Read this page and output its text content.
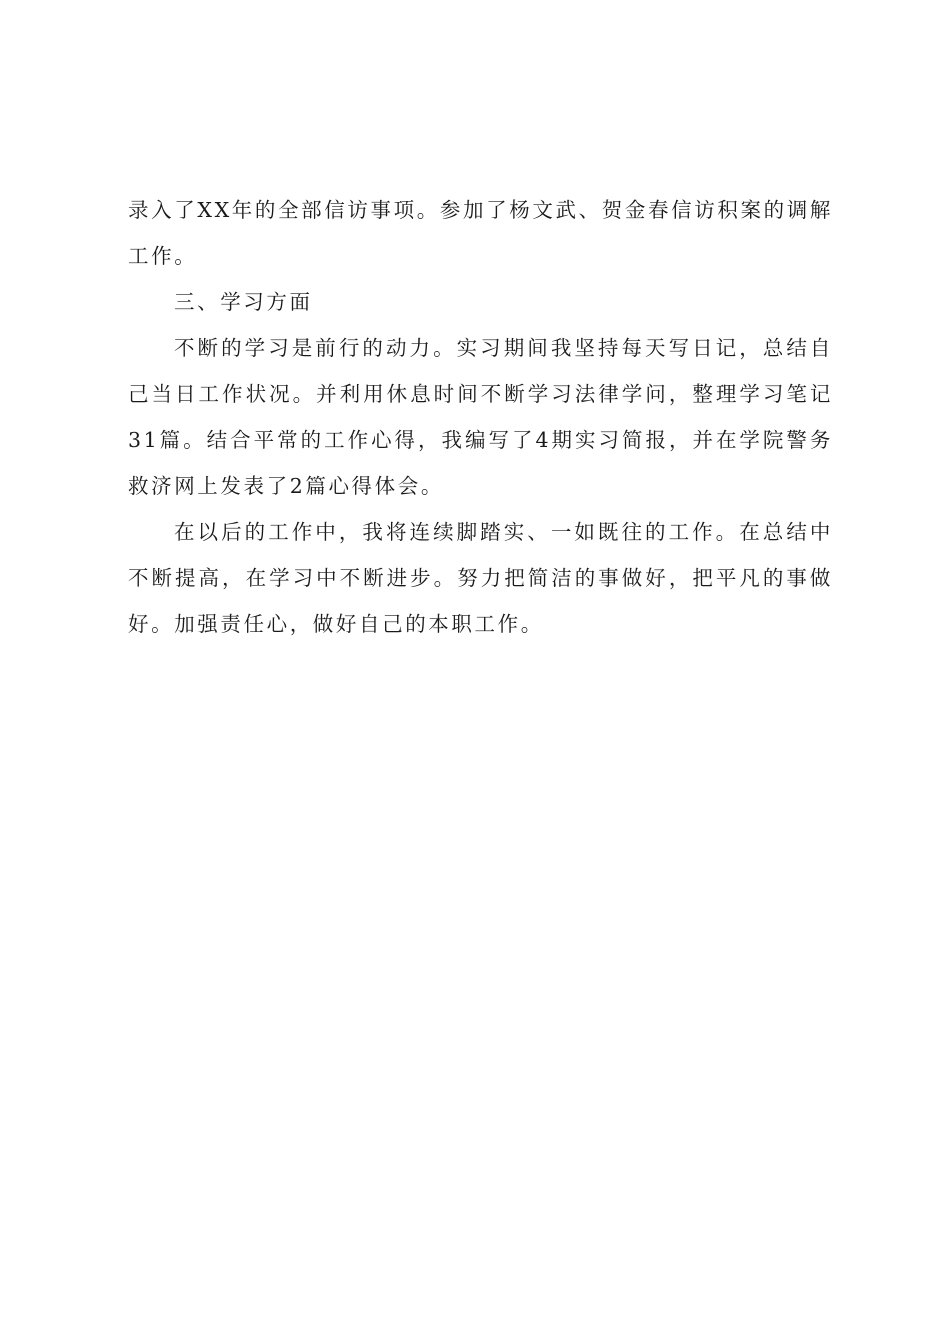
录入了XX年的全部信访事项。参加了杨文武、贺金春信访积案的调解工作。

三、学习方面

不断的学习是前行的动力。实习期间我坚持每天写日记，总结自己当日工作状况。并利用休息时间不断学习法律学问，整理学习笔记31篇。结合平常的工作心得，我编写了4期实习简报，并在学院警务救济网上发表了2篇心得体会。

在以后的工作中，我将连续脚踏实、一如既往的工作。在总结中不断提高，在学习中不断进步。努力把简洁的事做好，把平凡的事做好。加强责任心，做好自己的本职工作。
